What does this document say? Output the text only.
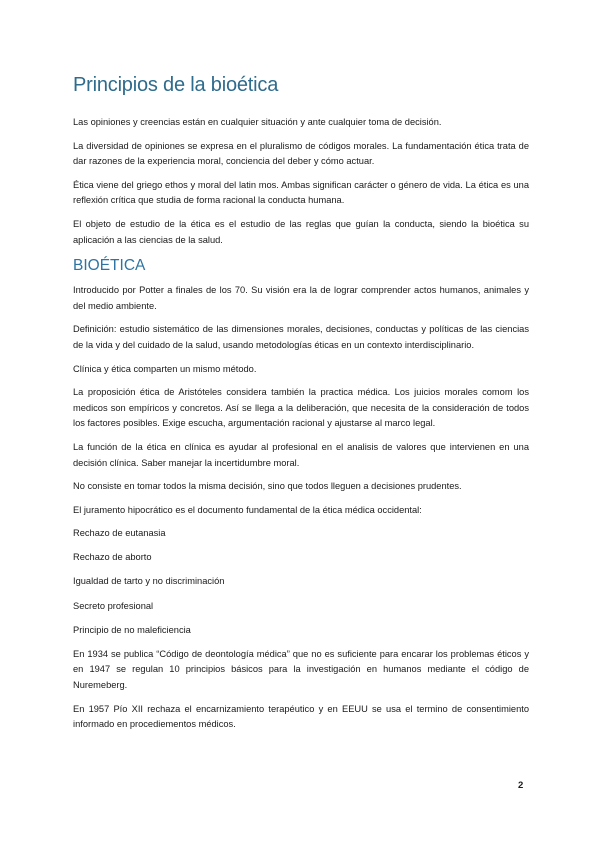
Principios de la bioética

Las opiniones y creencias están en cualquier situación y ante cualquier toma de decisión.

La diversidad de opiniones se expresa en el pluralismo de códigos morales. La fundamentación ética trata de dar razones de la experiencia moral, conciencia del deber y cómo actuar.

Ética viene del griego ethos y moral del latin mos. Ambas significan carácter o género de vida. La ética es una reflexión crítica que studia de forma racional la conducta humana.

El objeto de estudio de la ética es el estudio de las reglas que guían la conducta, siendo la bioética su aplicación a las ciencias de la salud.

BIOÉTICA

Introducido por Potter a finales de los 70. Su visión era la de lograr comprender actos humanos, animales y del medio ambiente.

Definición: estudio sistemático de las dimensiones morales, decisiones, conductas y políticas de las ciencias de la vida y del cuidado de la salud, usando metodologías éticas en un contexto interdisciplinario.

Clínica y ética comparten un mismo método.

La proposición ética de Aristóteles considera también la practica médica. Los juicios morales comom los medicos son empíricos y concretos. Así se llega a la deliberación, que necesita de la consideración de todos los factores posibles. Exige escucha, argumentación racional y ajustarse al marco legal.

La función de la ética en clínica es ayudar al profesional en el analisis de valores que intervienen en una decisión clínica. Saber manejar la incertidumbre moral.

No consiste en tomar todos la misma decisión, sino que todos lleguen a decisiones prudentes.

El juramento hipocrático es el documento fundamental de la ética médica occidental:

Rechazo de eutanasia

Rechazo de aborto

Igualdad de tarto y no discriminación

Secreto profesional

Principio de no maleficiencia

En 1934 se publica “Código de deontología médica” que no es suficiente para encarar los problemas éticos y en 1947 se regulan 10 principios básicos para la investigación en humanos mediante el código de Nuremeberg.

En 1957 Pío XII rechaza el encarnizamiento terapéutico y en EEUU se usa el termino de consentimiento informado en procediementos médicos.

2
